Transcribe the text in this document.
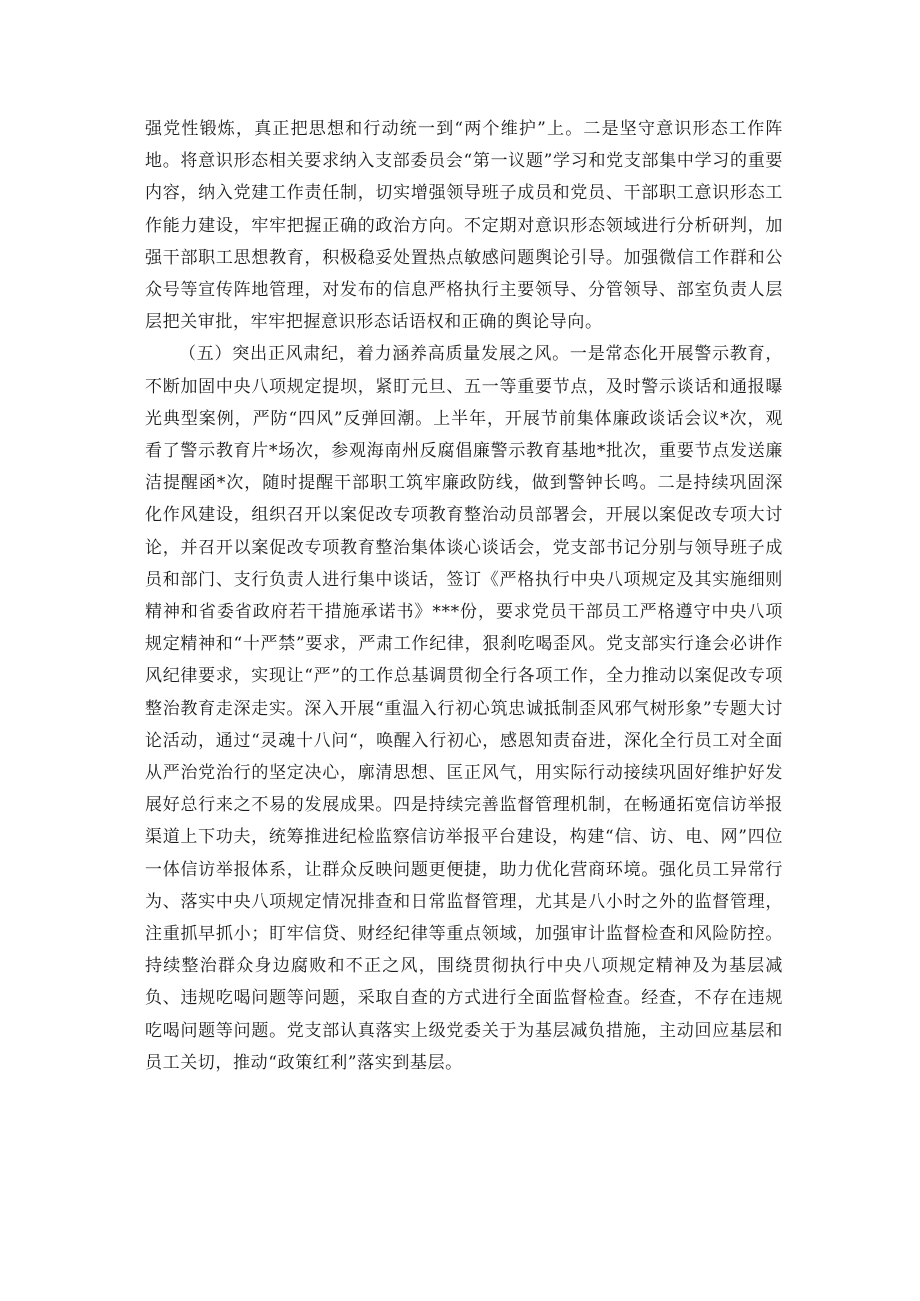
强党性锻炼，真正把思想和行动统一到“两个维护”上。二是坚守意识形态工作阵地。将意识形态相关要求纳入支部委员会“第一议题”学习和党支部集中学习的重要内容，纳入党建工作责任制，切实增强领导班子成员和党员、干部职工意识形态工作能力建设，牢牢把握正确的政治方向。不定期对意识形态领域进行分析研判，加强干部职工思想教育，积极稳妥处置热点敏感问题舆论引导。加强微信工作群和公众号等宣传阵地管理，对发布的信息严格执行主要领导、分管领导、部室负责人层层把关审批，牢牢把握意识形态话语权和正确的舆论导向。

（五）突出正风肃纪，着力涵养高质量发展之风。一是常态化开展警示教育，不断加固中央八项规定提坝，紧盯元旦、五一等重要节点，及时警示谈话和通报曝光典型案例，严防“四风”反弹回潮。上半年，开展节前集体廉政谈话会议*次，观看了警示教育片*场次，参观海南州反腐倡廉警示教育基地*批次，重要节点发送廉洁提醒函*次，随时提醒干部职工筑牢廉政防线，做到警钟长鸣。二是持续巩固深化作风建设，组织召开以案促改专项教育整治动员部署会，开展以案促改专项大讨论，并召开以案促改专项教育整治集体谈心谈话会，党支部书记分别与领导班子成员和部门、支行负责人进行集中谈话，签订《严格执行中央八项规定及其实施细则精神和省委省政府若干措施承诺书》***份，要求党员干部员工严格遵守中央八项规定精神和“十严禁”要求，严肃工作纪律，狠刹吃喝歪风。党支部实行逢会必讲作风纪律要求，实现让“严”的工作总基调贯彻全行各项工作，全力推动以案促改专项整治教育走深走实。深入开展“重温入行初心筑忠诚抵制歪风邪气树形象”专题大讨论活动，通过“灵魂十八问“，唤醒入行初心，感恩知责奋进，深化全行员工对全面从严治党治行的坚定决心，廓清思想、匡正风气，用实际行动接续巩固好维护好发展好总行来之不易的发展成果。四是持续完善监督管理机制，在畅通拓宽信访举报渠道上下功夫，统筹推进纪检监察信访举报平台建设，构建“信、访、电、网”四位一体信访举报体系，让群众反映问题更便捷，助力优化营商环境。强化员工异常行为、落实中央八项规定情况排查和日常监督管理，尤其是八小时之外的监督管理，注重抓早抓小；盯牢信贷、财经纪律等重点领域，加强审计监督检查和风险防控。持续整治群众身边腐败和不正之风，围绕贯彻执行中央八项规定精神及为基层减负、违规吃喝问题等问题，采取自查的方式进行全面监督检查。经查，不存在违规吃喝问题等问题。党支部认真落实上级党委关于为基层减负措施，主动回应基层和员工关切，推动“政策红利”落实到基层。
